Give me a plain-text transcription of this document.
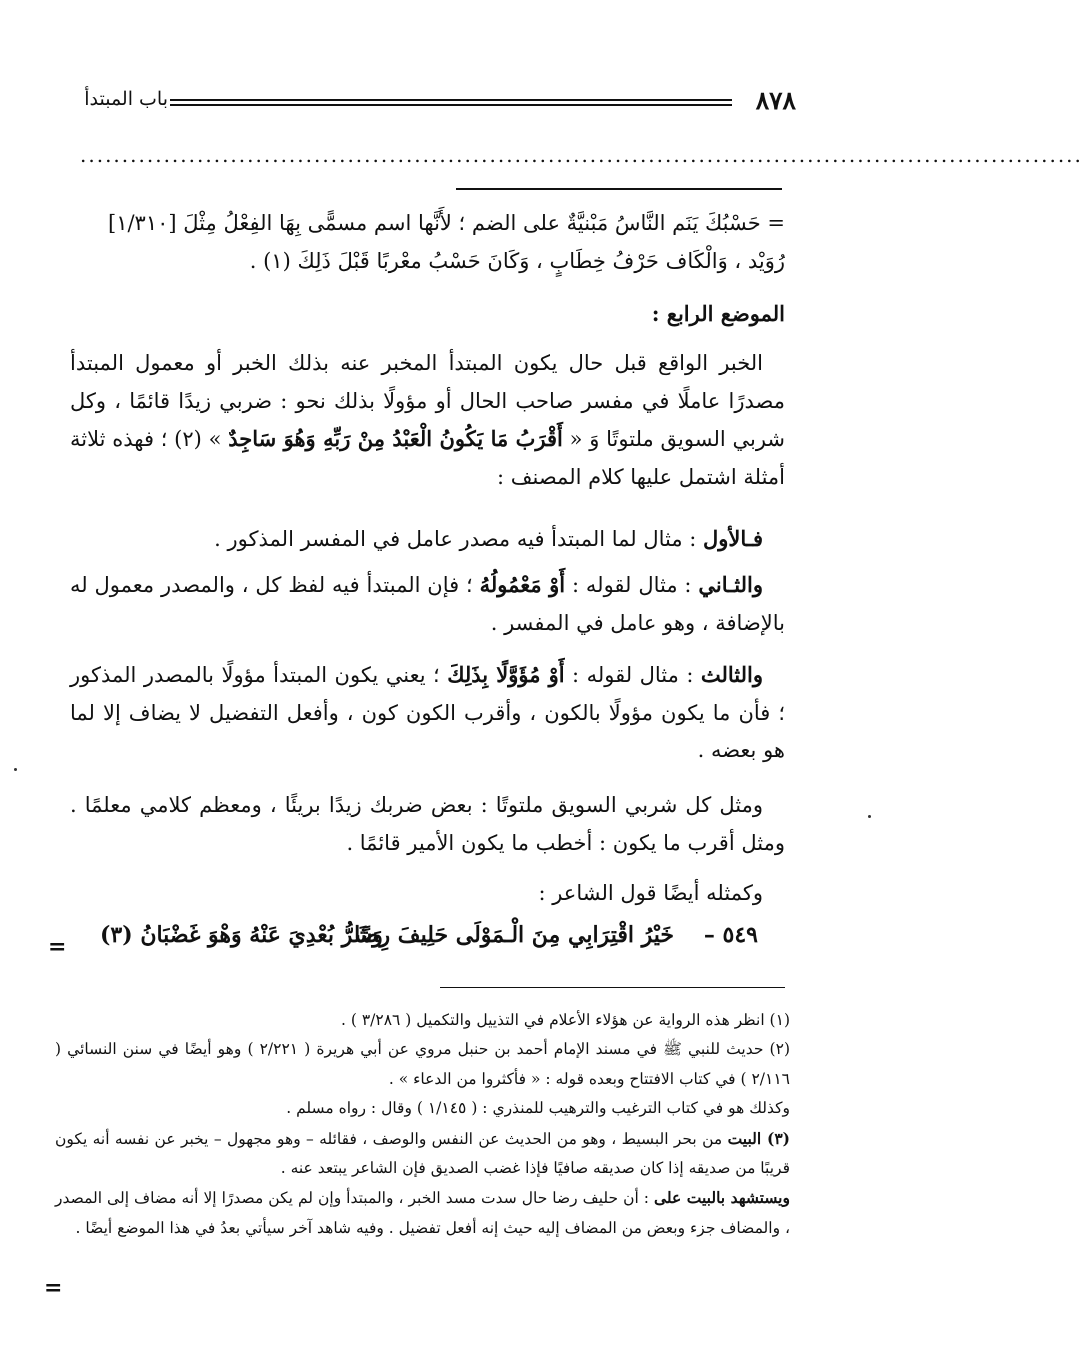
٨٧٨
باب المبتدأ
........................................................................................................................

= حَسْبُكَ يَنَم النَّاسُ مَبْنيَّةٌ على الضم ؛ لأَنَّها اسم مسمًّى بِهَا الفِعْلُ مِثْلَ [١/٣١٠]

رُوَيْد ، وَالْكَاف حَرْفُ خِطَابٍ ، وَكَانَ حَسْبُ معْربًا قَبْلَ ذَلِكَ (١) .

الموضع الرابع :

الخبر الواقع قبل حال يكون المبتدأ المخبر عنه بذلك الخبر أو معمول المبتدأ مصدرًا عاملًا في مفسر صاحب الحال أو مؤولًا بذلك نحو : ضربي زيدًا قائمًا ، وكل شربي السويق ملتوتًا وَ « أَقْرَبُ مَا يَكُونُ الْعَبْدُ مِنْ رَبِّهِ وَهُوَ سَاجِدٌ » (٢) ؛ فهذه ثلاثة أمثلة اشتمل عليها كلام المصنف :

فـالأول : مثال لما المبتدأ فيه مصدر عامل في المفسر المذكور .

والثـاني : مثال لقوله : أَوْ مَعْمُولُهُ ؛ فإن المبتدأ فيه لفظ كل ، والمصدر معمول له بالإضافة ، وهو عامل في المفسر .

والثالث : مثال لقوله : أَوْ مُؤَوَّلًا بِذَلِكَ ؛ يعني يكون المبتدأ مؤولًا بالمصدر المذكور ؛ فأن ما يكون مؤولًا بالكون ، وأقرب الكون كون ، وأفعل التفضيل لا يضاف إلا لما هو بعضه .

ومثل كل شربي السويق ملتوتًا : بعض ضربك زيدًا بريئًا ، ومعظم كلامي معلمًا . ومثل أقرب ما يكون : أخطب ما يكون الأمير قائمًا .

وكمثله أيضًا قول الشاعر :

٥٤٩ –
خَيْرُ اقْتِرَابِي مِنَ الْـمَوْلَى حَلِيفَ رِضًا
وَشَرُّ بُعْدِيَ عَنْهُ وَهْوَ غَضْبَانُ (٣)
=

(١) انظر هذه الرواية عن هؤلاء الأعلام في التذييل والتكميل ( ٣/٢٨٦ ) .

(٢) حديث للنبي ﷺ في مسند الإمام أحمد بن حنبل مروي عن أبي هريرة ( ٢/٢٢١ ) وهو أيضًا في سنن النسائي ( ٢/١١٦ ) في كتاب الافتتاح وبعده قوله : « فأكثروا من الدعاء » .

وكذلك هو في كتاب الترغيب والترهيب للمنذري : ( ١/١٤٥ ) وقال : رواه مسلم .

(٣) البيت من بحر البسيط ، وهو من الحديث عن النفس والوصف ، فقائله – وهو مجهول – يخبر عن نفسه أنه يكون قريبًا من صديقه إذا كان صديقه صافيًا فإذا غضب الصديق فإن الشاعر يبتعد عنه .

ويستشهد بالبيت على : أن حليف رضا حال سدت مسد الخبر ، والمبتدأ وإن لم يكن مصدرًا إلا أنه مضاف إلى المصدر ، والمضاف جزء وبعض من المضاف إليه حيث إنه أفعل تفضيل . وفيه شاهد آخر سيأتي بعدُ في هذا الموضع أيضًا .

=
